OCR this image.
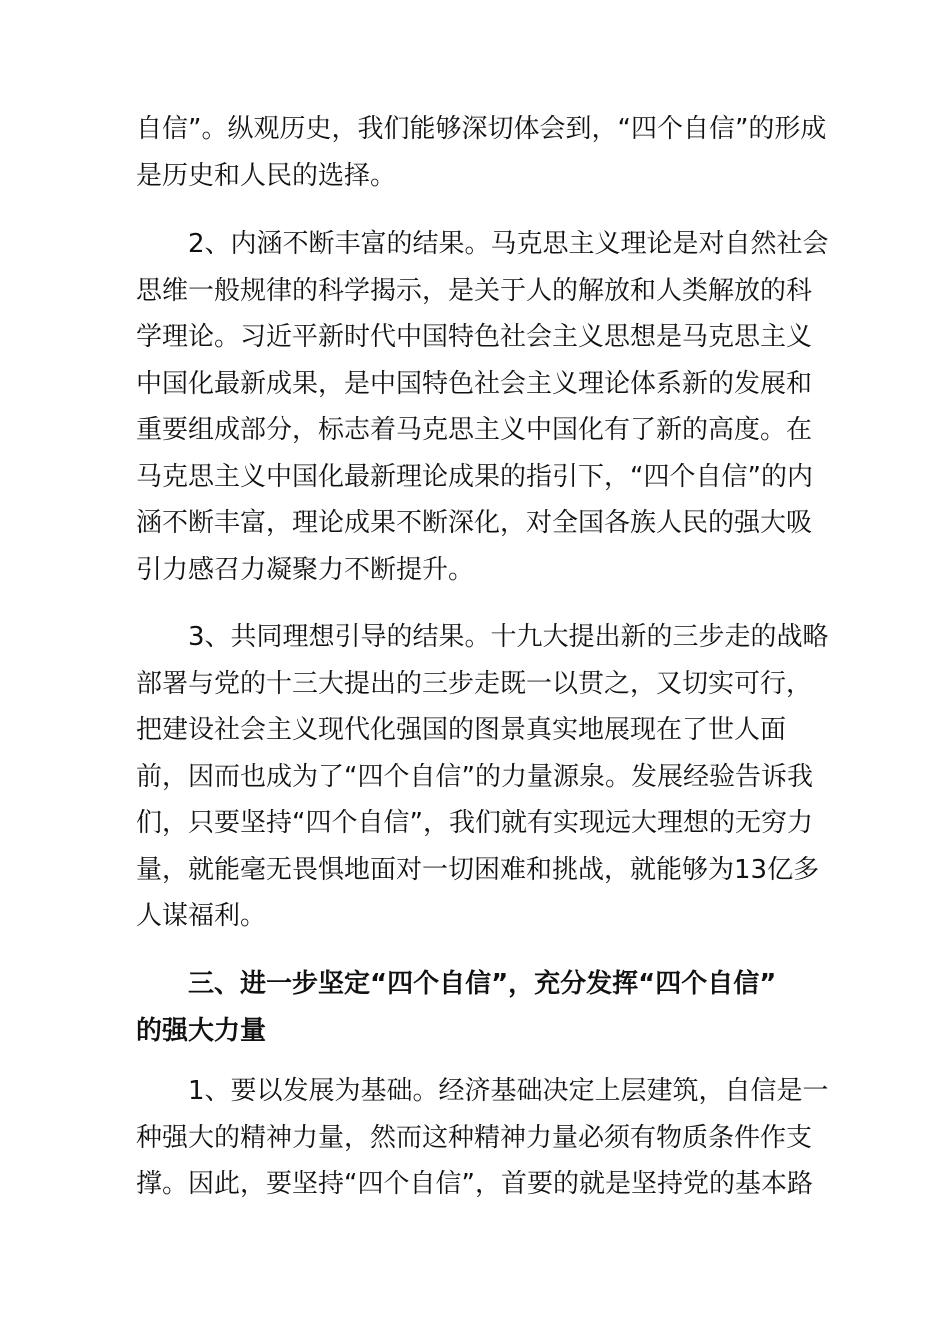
自信”。纵观历史，我们能够深切体会到，“四个自信”的形成
是历史和人民的选择。
2、内涵不断丰富的结果。马克思主义理论是对自然社会
思维一般规律的科学揭示，是关于人的解放和人类解放的科
学理论。习近平新时代中国特色社会主义思想是马克思主义
中国化最新成果，是中国特色社会主义理论体系新的发展和
重要组成部分，标志着马克思主义中国化有了新的高度。在
马克思主义中国化最新理论成果的指引下，“四个自信”的内
涵不断丰富，理论成果不断深化，对全国各族人民的强大吸
引力感召力凝聚力不断提升。
3、共同理想引导的结果。十九大提出新的三步走的战略
部署与党的十三大提出的三步走既一以贯之，又切实可行，
把建设社会主义现代化强国的图景真实地展现在了世人面
前，因而也成为了“四个自信”的力量源泉。发展经验告诉我
们，只要坚持“四个自信”，我们就有实现远大理想的无穷力
量，就能毫无畏惧地面对一切困难和挑战，就能够为13亿多
人谋福利。
三、进一步坚定“四个自信”，充分发挥“四个自信”
的强大力量
1、要以发展为基础。经济基础决定上层建筑，自信是一
种强大的精神力量，然而这种精神力量必须有物质条件作支
撑。因此，要坚持“四个自信”，首要的就是坚持党的基本路
